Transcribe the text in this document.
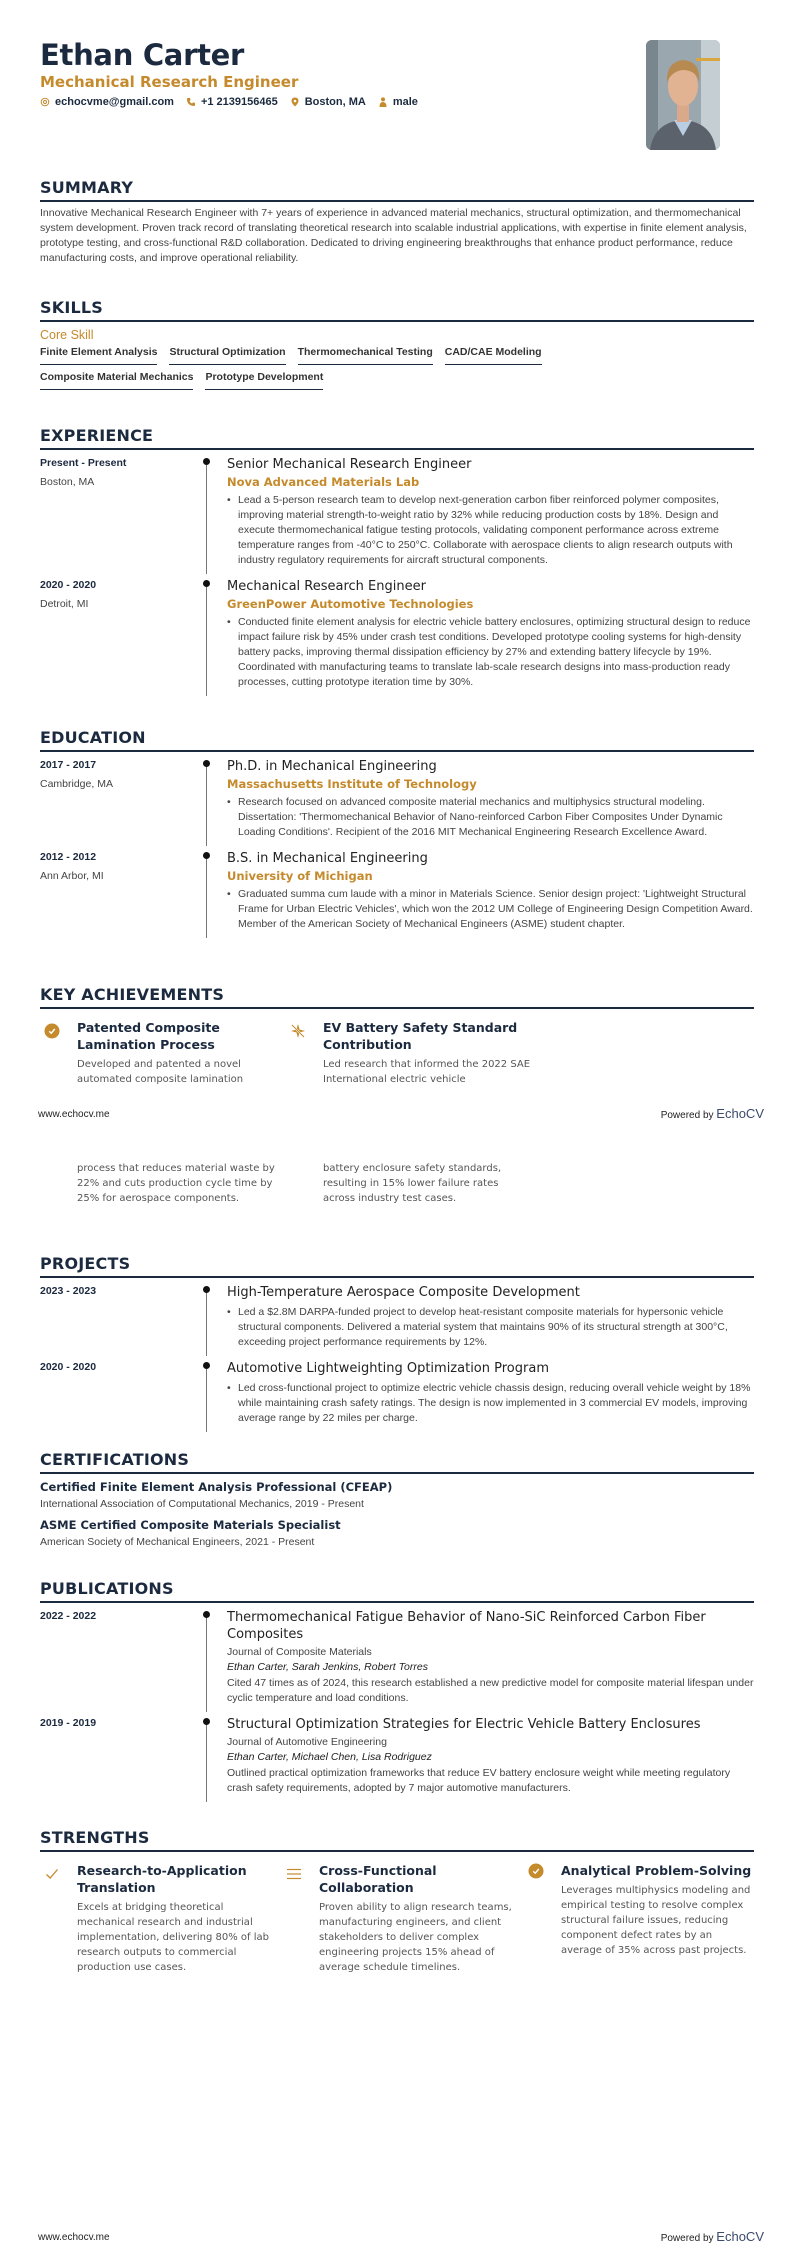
Ethan Carter
Mechanical Research Engineer
echocvme@gmail.com +1 2139156465 Boston, MA male
SUMMARY
Innovative Mechanical Research Engineer with 7+ years of experience in advanced material mechanics, structural optimization, and thermomechanical system development. Proven track record of translating theoretical research into scalable industrial applications, with expertise in finite element analysis, prototype testing, and cross-functional R&D collaboration. Dedicated to driving engineering breakthroughs that enhance product performance, reduce manufacturing costs, and improve operational reliability.
SKILLS
Core Skill
Finite Element Analysis Structural Optimization Thermomechanical Testing CAD/CAE Modeling
Composite Material Mechanics Prototype Development
EXPERIENCE
Present - Present
Boston, MA
Senior Mechanical Research Engineer
Nova Advanced Materials Lab
• Lead a 5-person research team to develop next-generation carbon fiber reinforced polymer composites, improving material strength-to-weight ratio by 32% while reducing production costs by 18%. Design and execute thermomechanical fatigue testing protocols, validating component performance across extreme temperature ranges from -40°C to 250°C. Collaborate with aerospace clients to align research outputs with industry regulatory requirements for aircraft structural components.
2020 - 2020
Detroit, MI
Mechanical Research Engineer
GreenPower Automotive Technologies
• Conducted finite element analysis for electric vehicle battery enclosures, optimizing structural design to reduce impact failure risk by 45% under crash test conditions. Developed prototype cooling systems for high-density battery packs, improving thermal dissipation efficiency by 27% and extending battery lifecycle by 19%. Coordinated with manufacturing teams to translate lab-scale research designs into mass-production ready processes, cutting prototype iteration time by 30%.
EDUCATION
2017 - 2017
Cambridge, MA
Ph.D. in Mechanical Engineering
Massachusetts Institute of Technology
• Research focused on advanced composite material mechanics and multiphysics structural modeling. Dissertation: 'Thermomechanical Behavior of Nano-reinforced Carbon Fiber Composites Under Dynamic Loading Conditions'. Recipient of the 2016 MIT Mechanical Engineering Research Excellence Award.
2012 - 2012
Ann Arbor, MI
B.S. in Mechanical Engineering
University of Michigan
• Graduated summa cum laude with a minor in Materials Science. Senior design project: 'Lightweight Structural Frame for Urban Electric Vehicles', which won the 2012 UM College of Engineering Design Competition Award. Member of the American Society of Mechanical Engineers (ASME) student chapter.
KEY ACHIEVEMENTS
Patented Composite Lamination Process
Developed and patented a novel automated composite lamination
EV Battery Safety Standard Contribution
Led research that informed the 2022 SAE International electric vehicle
www.echocv.me	Powered by EchoCV
process that reduces material waste by 22% and cuts production cycle time by 25% for aerospace components.
battery enclosure safety standards, resulting in 15% lower failure rates across industry test cases.
PROJECTS
2023 - 2023	High-Temperature Aerospace Composite Development
• Led a $2.8M DARPA-funded project to develop heat-resistant composite materials for hypersonic vehicle structural components. Delivered a material system that maintains 90% of its structural strength at 300°C, exceeding project performance requirements by 12%.
2020 - 2020	Automotive Lightweighting Optimization Program
• Led cross-functional project to optimize electric vehicle chassis design, reducing overall vehicle weight by 18% while maintaining crash safety ratings. The design is now implemented in 3 commercial EV models, improving average range by 22 miles per charge.
CERTIFICATIONS
Certified Finite Element Analysis Professional (CFEAP)
International Association of Computational Mechanics, 2019 - Present
ASME Certified Composite Materials Specialist
American Society of Mechanical Engineers, 2021 - Present
PUBLICATIONS
2022 - 2022	Thermomechanical Fatigue Behavior of Nano-SiC Reinforced Carbon Fiber Composites
Journal of Composite Materials
Ethan Carter, Sarah Jenkins, Robert Torres
Cited 47 times as of 2024, this research established a new predictive model for composite material lifespan under cyclic temperature and load conditions.
2019 - 2019	Structural Optimization Strategies for Electric Vehicle Battery Enclosures
Journal of Automotive Engineering
Ethan Carter, Michael Chen, Lisa Rodriguez
Outlined practical optimization frameworks that reduce EV battery enclosure weight while meeting regulatory crash safety requirements, adopted by 7 major automotive manufacturers.
STRENGTHS
Research-to-Application Translation
Excels at bridging theoretical mechanical research and industrial implementation, delivering 80% of lab research outputs to commercial production use cases.
Cross-Functional Collaboration
Proven ability to align research teams, manufacturing engineers, and client stakeholders to deliver complex engineering projects 15% ahead of average schedule timelines.
Analytical Problem-Solving
Leverages multiphysics modeling and empirical testing to resolve complex structural failure issues, reducing component defect rates by an average of 35% across past projects.
www.echocv.me	Powered by EchoCV
